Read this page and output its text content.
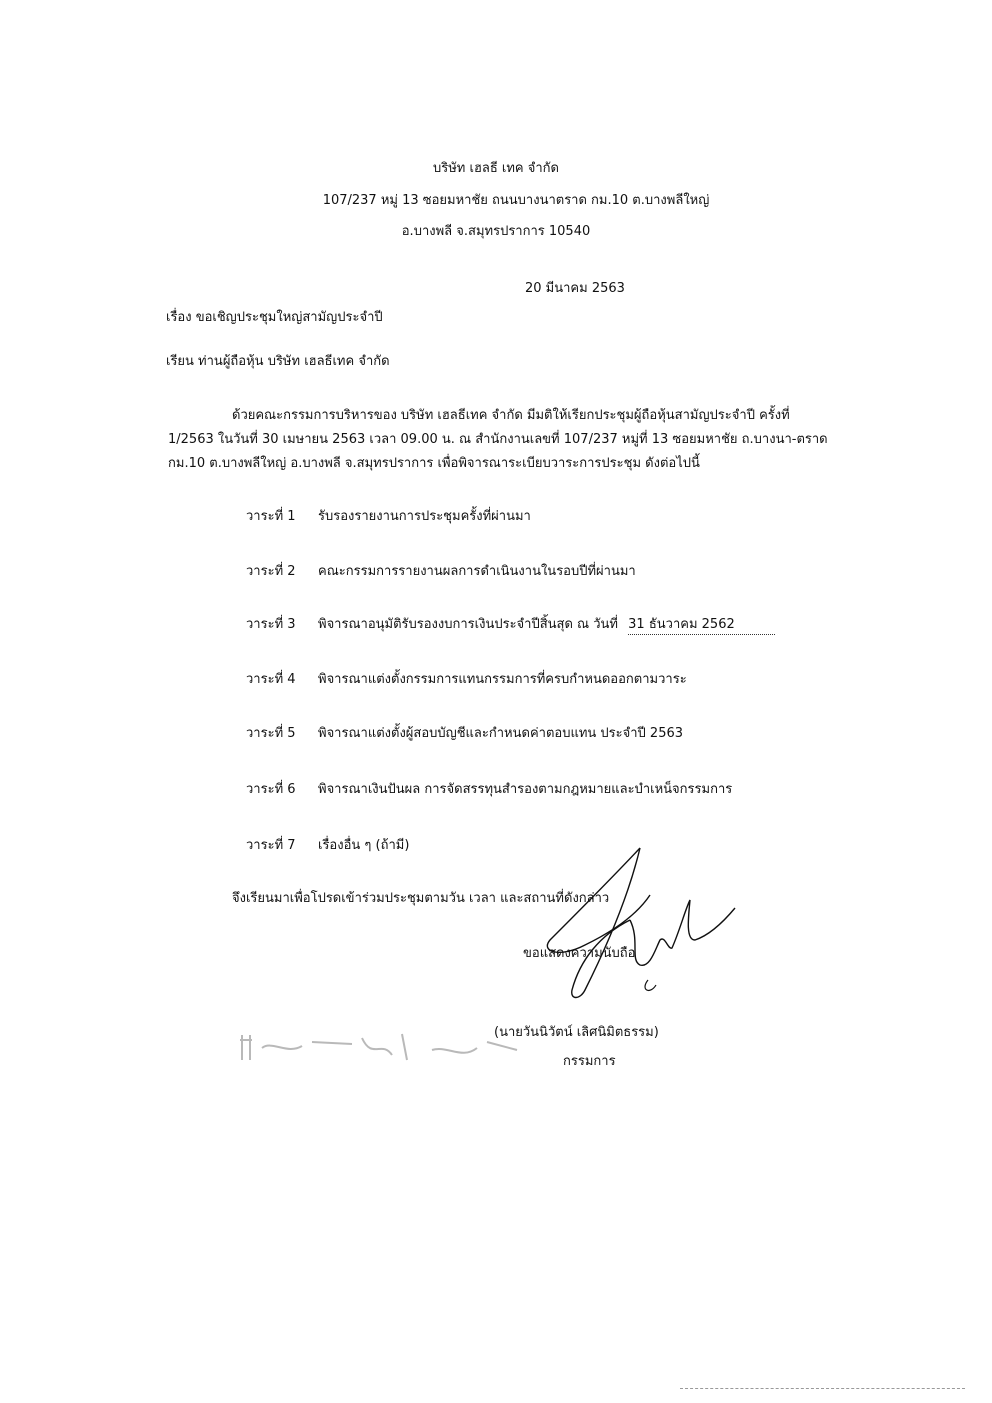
บริษัท เฮลธี เทค จำกัด
107/237 หมู่ 13 ซอยมหาชัย ถนนบางนาตราด กม.10 ต.บางพลีใหญ่
อ.บางพลี จ.สมุทรปราการ 10540
20 มีนาคม 2563
เรื่อง ขอเชิญประชุมใหญ่สามัญประจำปี
เรียน ท่านผู้ถือหุ้น บริษัท เฮลธีเทค จำกัด
ด้วยคณะกรรมการบริหารของ บริษัท เฮลธีเทค จำกัด มีมติให้เรียกประชุมผู้ถือหุ้นสามัญประจำปี ครั้งที่
1/2563 ในวันที่ 30 เมษายน 2563 เวลา 09.00 น. ณ สำนักงานเลขที่ 107/237 หมู่ที่ 13 ซอยมหาชัย ถ.บางนา-ตราด
กม.10 ต.บางพลีใหญ่ อ.บางพลี จ.สมุทรปราการ เพื่อพิจารณาระเบียบวาระการประชุม ดังต่อไปนี้
วาระที่ 1 รับรองรายงานการประชุมครั้งที่ผ่านมา
วาระที่ 2 คณะกรรมการรายงานผลการดำเนินงานในรอบปีที่ผ่านมา
วาระที่ 3 พิจารณาอนุมัติรับรองงบการเงินประจำปีสิ้นสุด ณ วันที่ 31 ธันวาคม 2562
วาระที่ 4 พิจารณาแต่งตั้งกรรมการแทนกรรมการที่ครบกำหนดออกตามวาระ
วาระที่ 5 พิจารณาแต่งตั้งผู้สอบบัญชีและกำหนดค่าตอบแทน ประจำปี 2563
วาระที่ 6 พิจารณาเงินปันผล การจัดสรรทุนสำรองตามกฎหมายและบำเหน็จกรรมการ
วาระที่ 7 เรื่องอื่น ๆ (ถ้ามี)
จึงเรียนมาเพื่อโปรดเข้าร่วมประชุมตามวัน เวลา และสถานที่ดังกล่าว
ขอแสดงความนับถือ
(นายวันนิวัตน์ เลิศนิมิตธรรม)
กรรมการ
